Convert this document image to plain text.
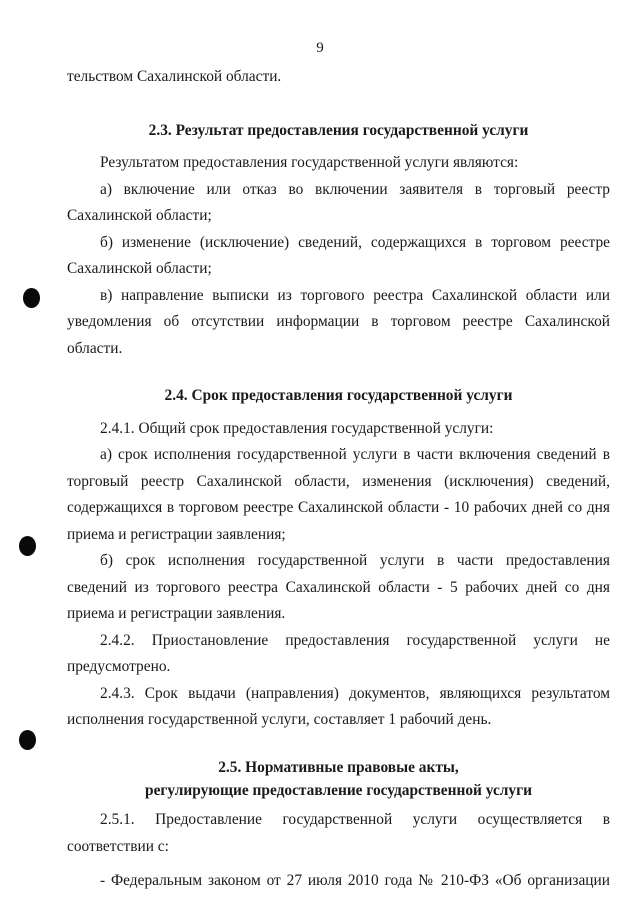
9

тельством Сахалинской области.

2.3. Результат предоставления государственной услуги

Результатом предоставления государственной услуги являются:

а) включение или отказ во включении заявителя в торговый реестр Сахалинской области;

б) изменение (исключение) сведений, содержащихся в торговом реестре Сахалинской области;

в) направление выписки из торгового реестра Сахалинской области или уведомления об отсутствии информации в торговом реестре Сахалинской области.

2.4. Срок предоставления государственной услуги

2.4.1. Общий срок предоставления государственной услуги:

а) срок исполнения государственной услуги в части включения сведений в торговый реестр Сахалинской области, изменения (исключения) сведений, содержащихся в торговом реестре Сахалинской области - 10 рабочих дней со дня приема и регистрации заявления;

б) срок исполнения государственной услуги в части предоставления сведений из торгового реестра Сахалинской области - 5 рабочих дней со дня приема и регистрации заявления.

2.4.2. Приостановление предоставления государственной услуги не предусмотрено.

2.4.3. Срок выдачи (направления) документов, являющихся результатом исполнения государственной услуги, составляет 1 рабочий день.

2.5. Нормативные правовые акты,

регулирующие предоставление государственной услуги

2.5.1. Предоставление государственной услуги осуществляется в соответствии с:

- Федеральным законом от 27 июля 2010 года № 210-ФЗ «Об организации
